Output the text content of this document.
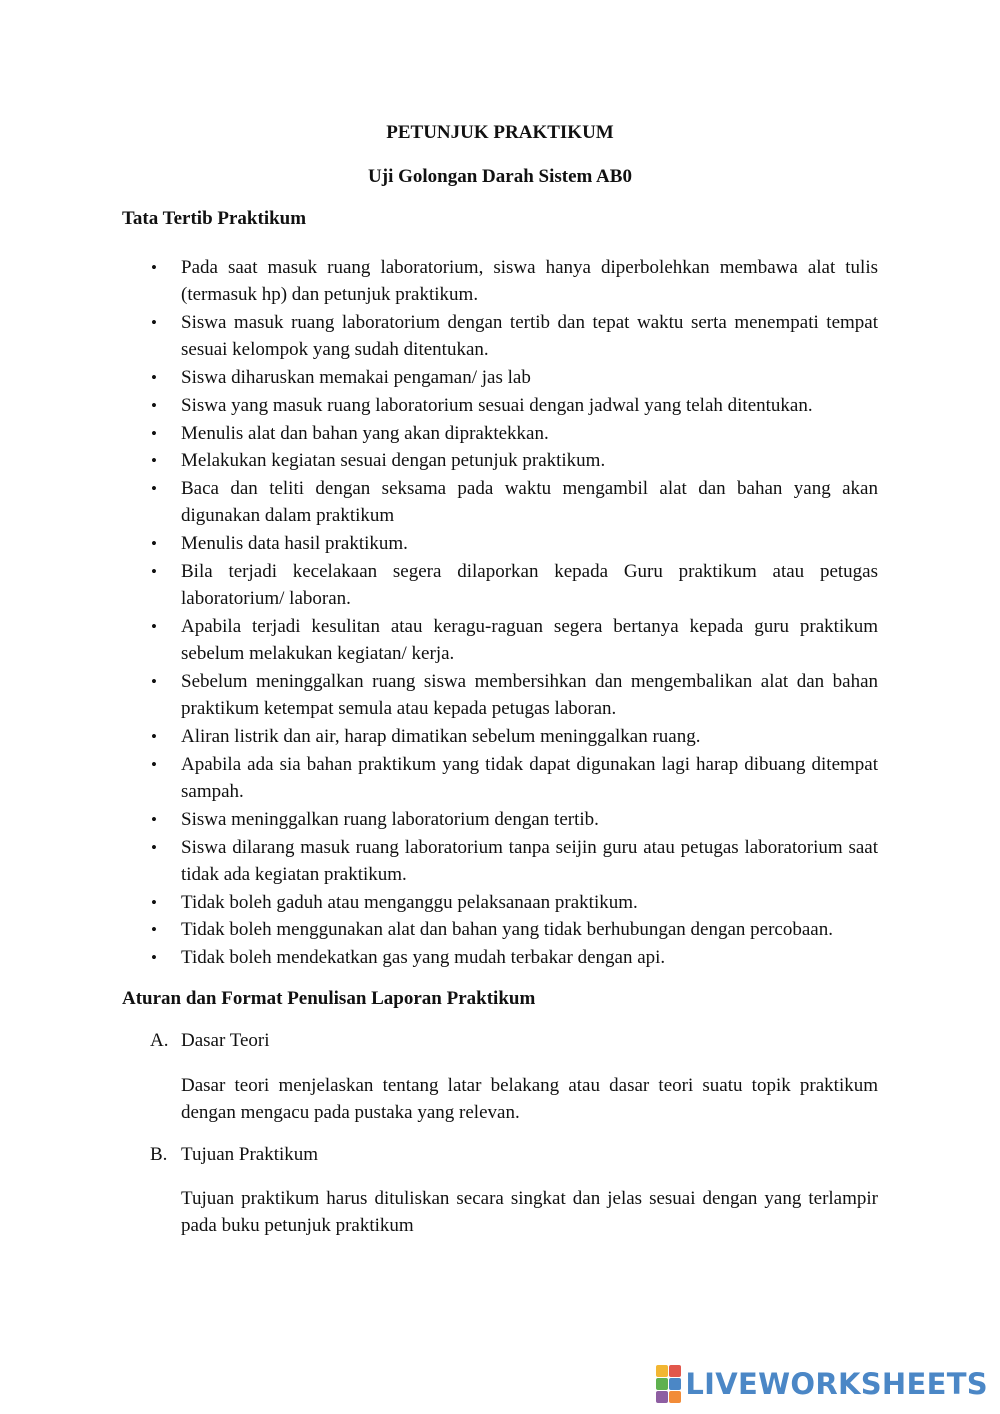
PETUNJUK PRAKTIKUM
Uji Golongan Darah Sistem AB0
Tata Tertib Praktikum
• Pada saat masuk ruang laboratorium, siswa hanya diperbolehkan membawa alat tulis (termasuk hp) dan petunjuk praktikum.
• Siswa masuk ruang laboratorium dengan tertib dan tepat waktu serta menempati tempat sesuai kelompok yang sudah ditentukan.
• Siswa diharuskan memakai pengaman/ jas lab
• Siswa yang masuk ruang laboratorium sesuai dengan jadwal yang telah ditentukan.
• Menulis alat dan bahan yang akan dipraktekkan.
• Melakukan kegiatan sesuai dengan petunjuk praktikum.
• Baca dan teliti dengan seksama pada waktu mengambil alat dan bahan yang akan digunakan dalam praktikum
• Menulis data hasil praktikum.
• Bila terjadi kecelakaan segera dilaporkan kepada Guru praktikum atau petugas laboratorium/ laboran.
• Apabila terjadi kesulitan atau keragu-raguan segera bertanya kepada guru praktikum sebelum melakukan kegiatan/ kerja.
• Sebelum meninggalkan ruang siswa membersihkan dan mengembalikan alat dan bahan praktikum ketempat semula atau kepada petugas laboran.
• Aliran listrik dan air, harap dimatikan sebelum meninggalkan ruang.
• Apabila ada sia bahan praktikum yang tidak dapat digunakan lagi harap dibuang ditempat sampah.
• Siswa meninggalkan ruang laboratorium dengan tertib.
• Siswa dilarang masuk ruang laboratorium tanpa seijin guru atau petugas laboratorium saat tidak ada kegiatan praktikum.
• Tidak boleh gaduh atau menganggu pelaksanaan praktikum.
• Tidak boleh menggunakan alat dan bahan yang tidak berhubungan dengan percobaan.
• Tidak boleh mendekatkan gas yang mudah terbakar dengan api.
Aturan dan Format Penulisan Laporan Praktikum

A. Dasar Teori

Dasar teori menjelaskan tentang latar belakang atau dasar teori suatu topik praktikum dengan mengacu pada pustaka yang relevan.

B. Tujuan Praktikum

Tujuan praktikum harus dituliskan secara singkat dan jelas sesuai dengan yang terlampir pada buku petunjuk praktikum

LIVEWORKSHEETS
